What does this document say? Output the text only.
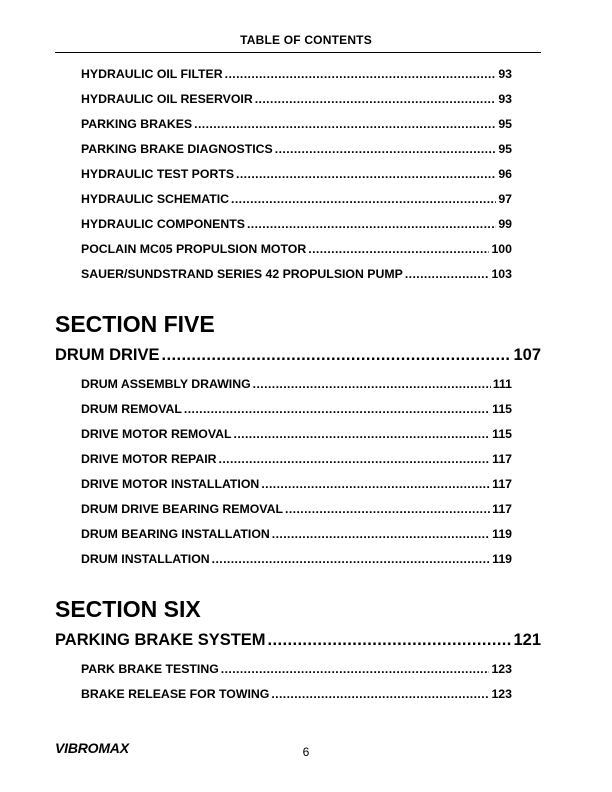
TABLE OF CONTENTS
HYDRAULIC OIL FILTER .....	93
HYDRAULIC OIL RESERVOIR .....	93
PARKING BRAKES .....	95
PARKING BRAKE DIAGNOSTICS .....	95
HYDRAULIC TEST PORTS .....	96
HYDRAULIC SCHEMATIC .....	97
HYDRAULIC COMPONENTS .....	99
POCLAIN MC05 PROPULSION MOTOR .....	100
SAUER/SUNDSTRAND SERIES 42 PROPULSION PUMP .....	103
SECTION FIVE
DRUM DRIVE .....	107
DRUM ASSEMBLY DRAWING .....	111
DRUM REMOVAL .....	115
DRIVE MOTOR REMOVAL .....	115
DRIVE MOTOR REPAIR .....	117
DRIVE MOTOR INSTALLATION .....	117
DRUM DRIVE BEARING REMOVAL .....	117
DRUM BEARING INSTALLATION .....	119
DRUM INSTALLATION .....	119
SECTION SIX
PARKING BRAKE SYSTEM .....	121
PARK BRAKE TESTING .....	123
BRAKE RELEASE FOR TOWING .....	123
VIBROMAX	6
